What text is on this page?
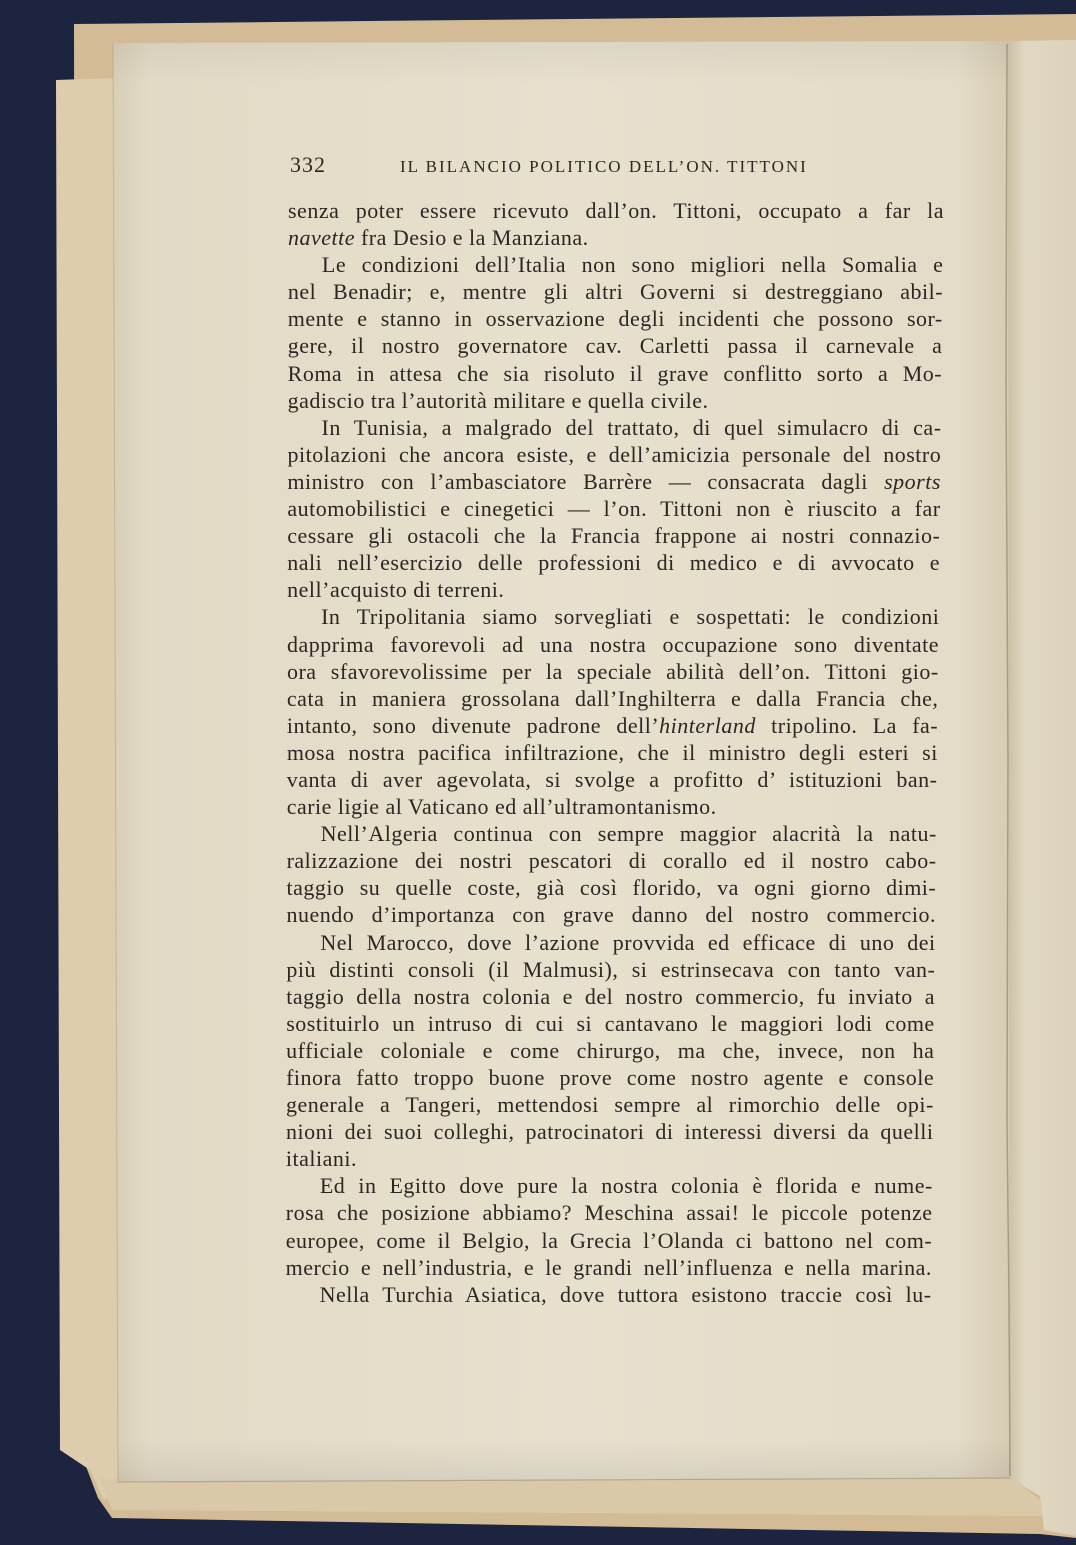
332	IL BILANCIO POLITICO DELL’ON. TITTONI
senza poter essere ricevuto dall’on. Tittoni, occupato a far la
navette fra Desio e la Manziana.
Le condizioni dell’Italia non sono migliori nella Somalia e
nel Benadir; e, mentre gli altri Governi si destreggiano abil-
mente e stanno in osservazione degli incidenti che possono sor-
gere, il nostro governatore cav. Carletti passa il carnevale a
Roma in attesa che sia risoluto il grave conflitto sorto a Mo-
gadiscio tra l’autorità militare e quella civile.
In Tunisia, a malgrado del trattato, di quel simulacro di ca-
pitolazioni che ancora esiste, e dell’amicizia personale del nostro
ministro con l’ambasciatore Barrère — consacrata dagli sports
automobilistici e cinegetici — l’on. Tittoni non è riuscito a far
cessare gli ostacoli che la Francia frappone ai nostri connazio-
nali nell’esercizio delle professioni di medico e di avvocato e
nell’acquisto di terreni.
In Tripolitania siamo sorvegliati e sospettati: le condizioni
dapprima favorevoli ad una nostra occupazione sono diventate
ora sfavorevolissime per la speciale abilità dell’on. Tittoni gio-
cata in maniera grossolana dall’Inghilterra e dalla Francia che,
intanto, sono divenute padrone dell’hinterland tripolino. La fa-
mosa nostra pacifica infiltrazione, che il ministro degli esteri si
vanta di aver agevolata, si svolge a profitto d’ istituzioni ban-
carie ligie al Vaticano ed all’ultramontanismo.
Nell’Algeria continua con sempre maggior alacrità la natu-
ralizzazione dei nostri pescatori di corallo ed il nostro cabo-
taggio su quelle coste, già così florido, va ogni giorno dimi-
nuendo d’importanza con grave danno del nostro commercio.
Nel Marocco, dove l’azione provvida ed efficace di uno dei
più distinti consoli (il Malmusi), si estrinsecava con tanto van-
taggio della nostra colonia e del nostro commercio, fu inviato a
sostituirlo un intruso di cui si cantavano le maggiori lodi come
ufficiale coloniale e come chirurgo, ma che, invece, non ha
finora fatto troppo buone prove come nostro agente e console
generale a Tangeri, mettendosi sempre al rimorchio delle opi-
nioni dei suoi colleghi, patrocinatori di interessi diversi da quelli
italiani.
Ed in Egitto dove pure la nostra colonia è florida e nume-
rosa che posizione abbiamo? Meschina assai! le piccole potenze
europee, come il Belgio, la Grecia l’Olanda ci battono nel com-
mercio e nell’industria, e le grandi nell’influenza e nella marina.
Nella Turchia Asiatica, dove tuttora esistono traccie così lu-
